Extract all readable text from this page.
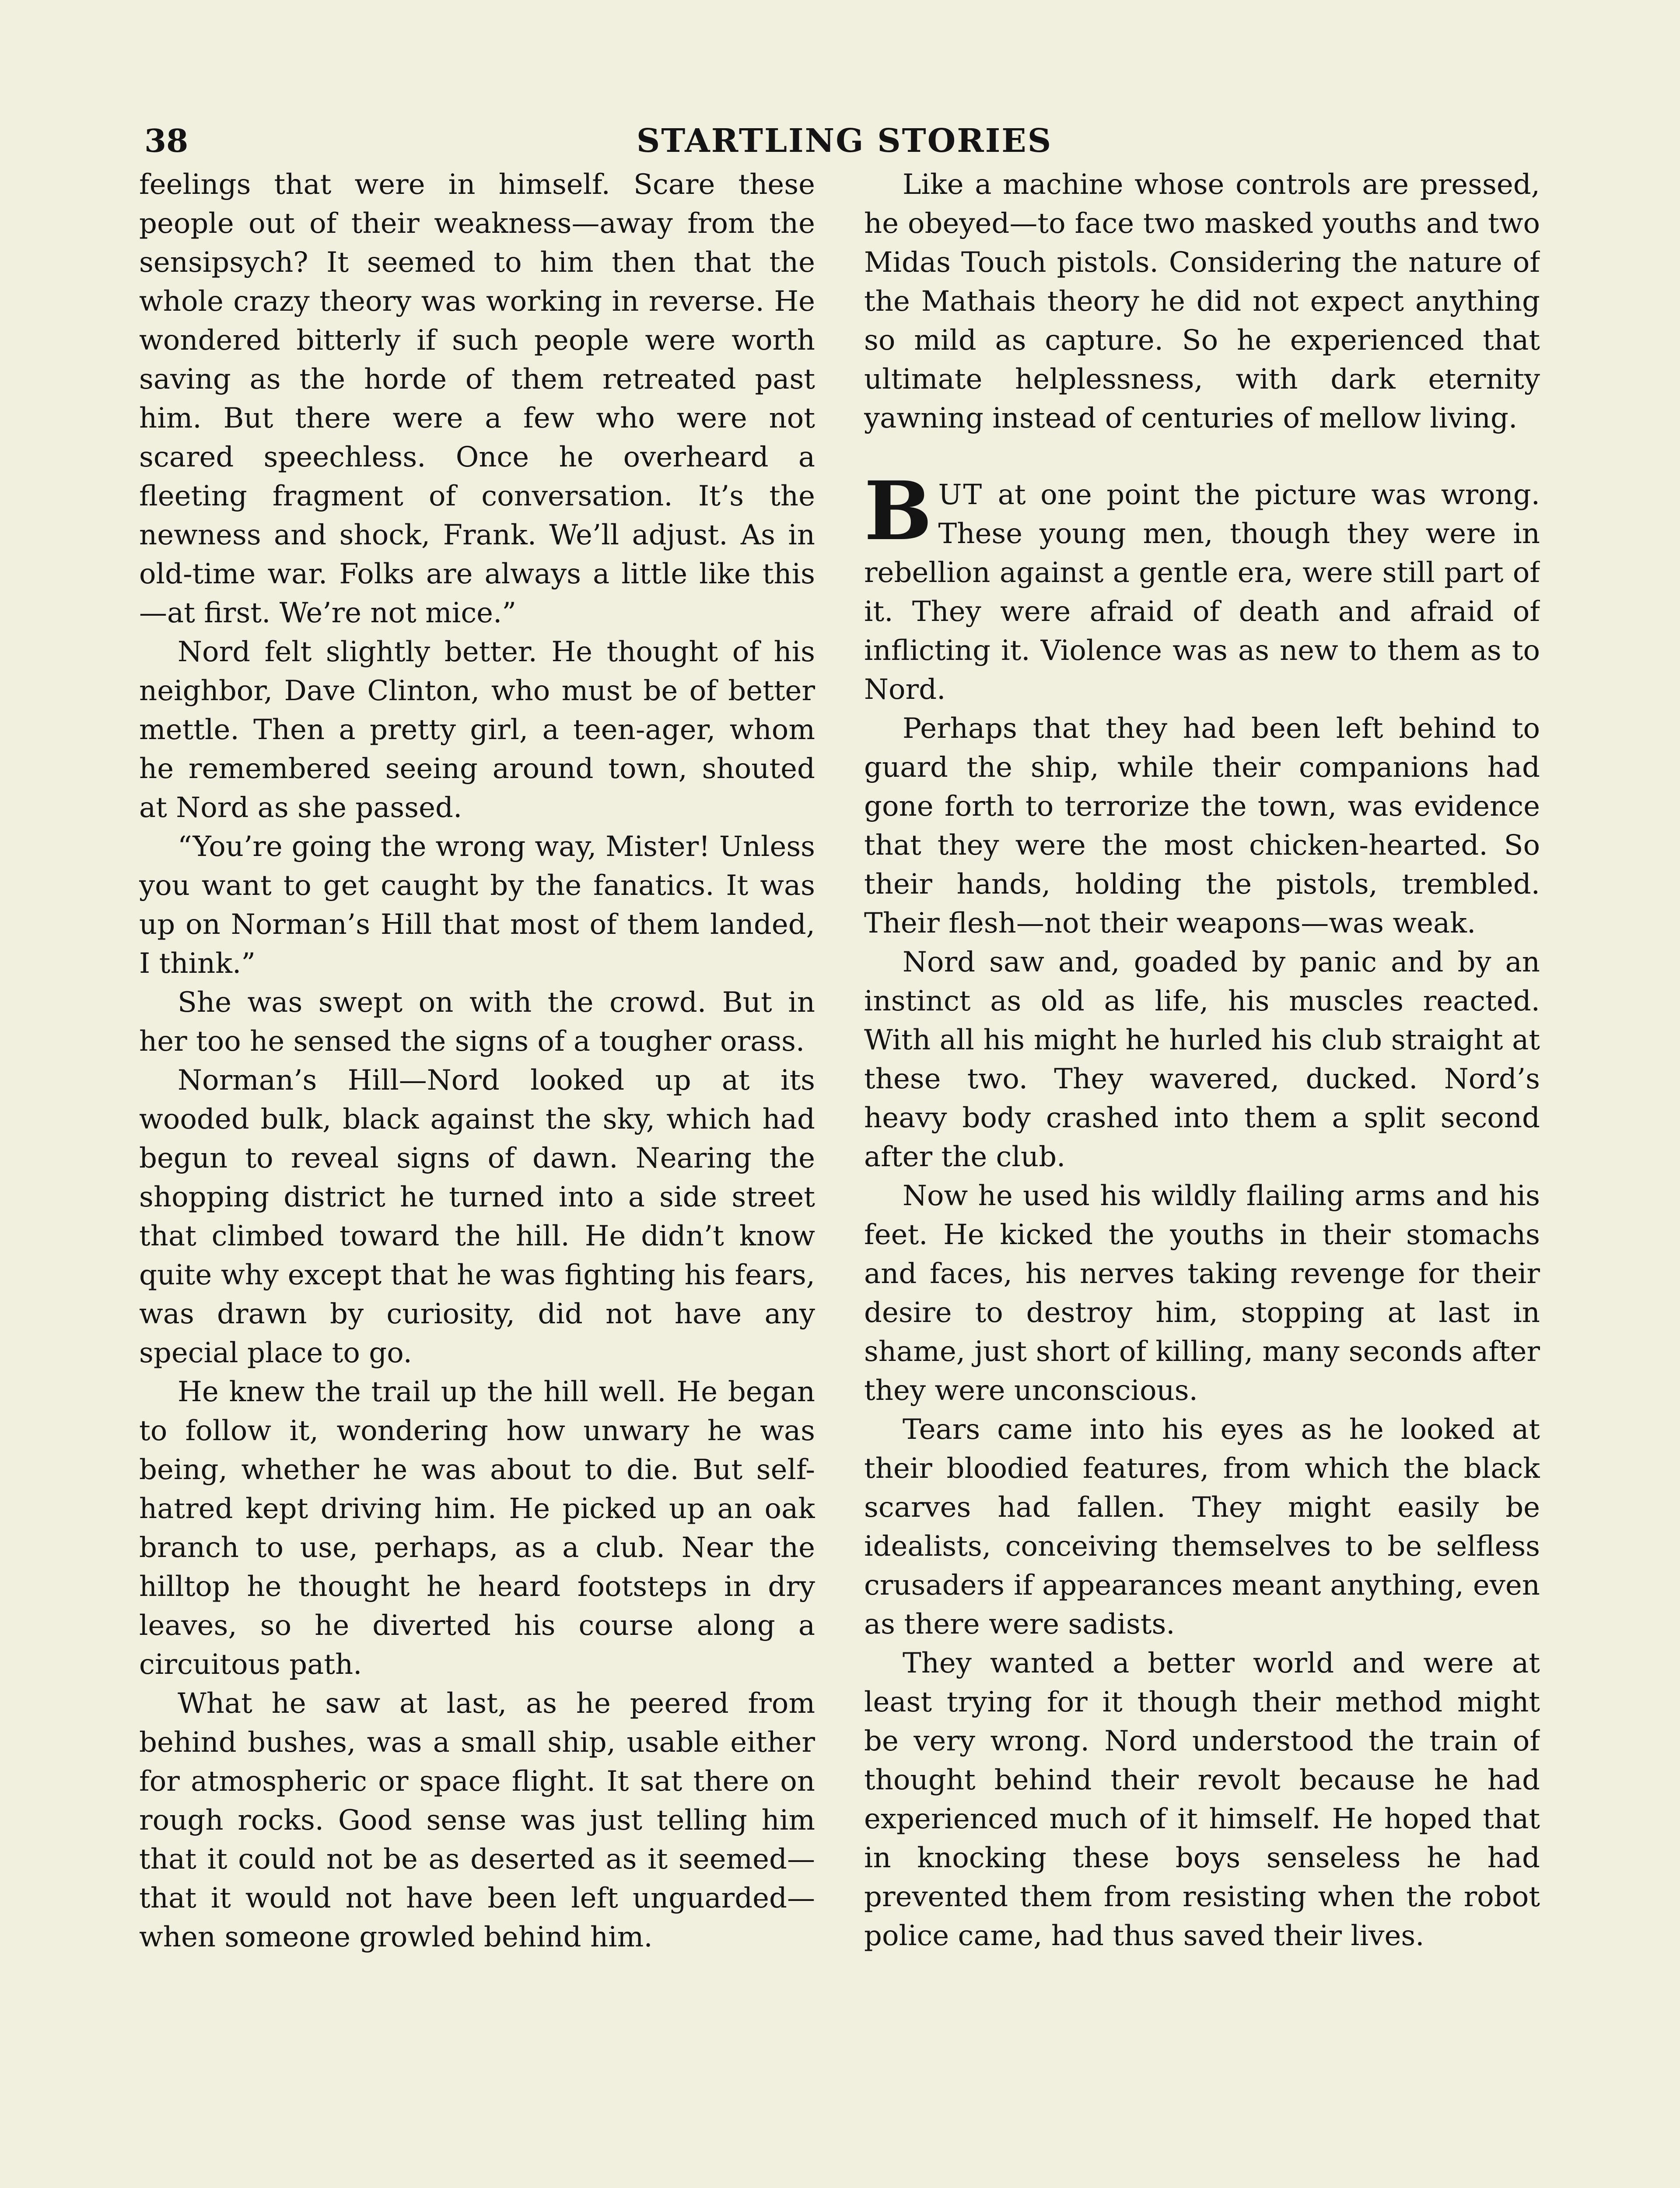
38	STARTLING STORIES

feelings that were in himself. Scare these people out of their weakness—away from the sensipsych? It seemed to him then that the whole crazy theory was working in reverse. He wondered bitterly if such people were worth saving as the horde of them retreated past him. But there were a few who were not scared speechless. Once he overheard a fleeting fragment of conversation. It’s the newness and shock, Frank. We’ll adjust. As in old-time war. Folks are always a little like this—at first. We’re not mice.”

Nord felt slightly better. He thought of his neighbor, Dave Clinton, who must be of better mettle. Then a pretty girl, a teen-ager, whom he remembered seeing around town, shouted at Nord as she passed.

“You’re going the wrong way, Mister! Unless you want to get caught by the fanatics. It was up on Norman’s Hill that most of them landed, I think.”

She was swept on with the crowd. But in her too he sensed the signs of a tougher orass.

Norman’s Hill—Nord looked up at its wooded bulk, black against the sky, which had begun to reveal signs of dawn. Nearing the shopping district he turned into a side street that climbed toward the hill. He didn’t know quite why except that he was fighting his fears, was drawn by curiosity, did not have any special place to go.

He knew the trail up the hill well. He began to follow it, wondering how unwary he was being, whether he was about to die. But self-hatred kept driving him. He picked up an oak branch to use, perhaps, as a club. Near the hilltop he thought he heard footsteps in dry leaves, so he diverted his course along a circuitous path.

What he saw at last, as he peered from behind bushes, was a small ship, usable either for atmospheric or space flight. It sat there on rough rocks. Good sense was just telling him that it could not be as deserted as it seemed—that it would not have been left unguarded—when someone growled behind him.

Like a machine whose controls are pressed, he obeyed—to face two masked youths and two Midas Touch pistols. Considering the nature of the Mathais theory he did not expect anything so mild as capture. So he experienced that ultimate helplessness, with dark eternity yawning instead of centuries of mellow living.

BUT at one point the picture was wrong. These young men, though they were in rebellion against a gentle era, were still part of it. They were afraid of death and afraid of inflicting it. Violence was as new to them as to Nord.

Perhaps that they had been left behind to guard the ship, while their companions had gone forth to terrorize the town, was evidence that they were the most chicken-hearted. So their hands, holding the pistols, trembled. Their flesh—not their weapons—was weak.

Nord saw and, goaded by panic and by an instinct as old as life, his muscles reacted. With all his might he hurled his club straight at these two. They wavered, ducked. Nord’s heavy body crashed into them a split second after the club.

Now he used his wildly flailing arms and his feet. He kicked the youths in their stomachs and faces, his nerves taking revenge for their desire to destroy him, stopping at last in shame, just short of killing, many seconds after they were unconscious.

Tears came into his eyes as he looked at their bloodied features, from which the black scarves had fallen. They might easily be idealists, conceiving themselves to be selfless crusaders if appearances meant anything, even as there were sadists.

They wanted a better world and were at least trying for it though their method might be very wrong. Nord understood the train of thought behind their revolt because he had experienced much of it himself. He hoped that in knocking these boys senseless he had prevented them from resisting when the robot police came, had thus saved their lives.
